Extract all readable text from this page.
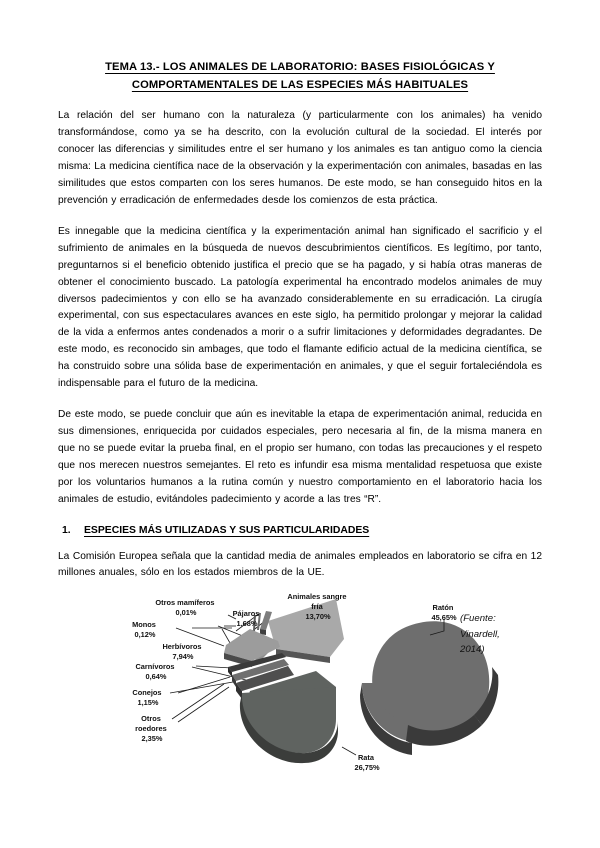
TEMA 13.- LOS ANIMALES DE LABORATORIO: BASES FISIOLÓGICAS Y
COMPORTAMENTALES DE LAS ESPECIES MÁS HABITUALES

La relación del ser humano con la naturaleza (y particularmente con los animales) ha venido transformándose, como ya se ha descrito, con la evolución cultural de la sociedad. El interés por conocer las diferencias y similitudes entre el ser humano y los animales es tan antiguo como la ciencia misma: La medicina científica nace de la observación y la experimentación con animales, basadas en las similitudes que estos comparten con los seres humanos. De este modo, se han conseguido hitos en la prevención y erradicación de enfermedades desde los comienzos de esta práctica.

Es innegable que la medicina científica y la experimentación animal han significado el sacrificio y el sufrimiento de animales en la búsqueda de nuevos descubrimientos científicos. Es legítimo, por tanto, preguntarnos si el beneficio obtenido justifica el precio que se ha pagado, y si había otras maneras de obtener el conocimiento buscado. La patología experimental ha encontrado modelos animales de muy diversos padecimientos y con ello se ha avanzado considerablemente en su erradicación. La cirugía experimental, con sus espectaculares avances en este siglo, ha permitido prolongar y mejorar la calidad de la vida a enfermos antes condenados a morir o a sufrir limitaciones y deformidades degradantes. De este modo, es reconocido sin ambages, que todo el flamante edificio actual de la medicina científica, se ha construido sobre una sólida base de experimentación en animales, y que el seguir fortaleciéndola es indispensable para el futuro de la medicina.

De este modo, se puede concluir que aún es inevitable la etapa de experimentación animal, reducida en sus dimensiones, enriquecida por cuidados especiales, pero necesaria al fin, de la misma manera en que no se puede evitar la prueba final, en el propio ser humano, con todas las precauciones y el respeto que nos merecen nuestros semejantes. El reto es infundir esa misma mentalidad respetuosa que existe por los voluntarios humanos a la rutina común y nuestro comportamiento en el laboratorio hacia los animales de estudio, evitándoles padecimiento y acorde a las tres “R”.

1. ESPECIES MÁS UTILIZADAS Y SUS PARTICULARIDADES

La Comisión Europea señala que la cantidad media de animales empleados en laboratorio se cifra en 12 millones anuales, sólo en los estados miembros de la UE.

Otros mamíferos 0,01%	Pájaros 1,68%
Animales sangre fría 13,70%
Monos 0,12%
Herbívoros 7,94%
Carnívoros 0,64%
Conejos 1,15%
Otros roedores 2,35%
Ratón 45,65%
Rata 26,75%
(Fuente:
Vinardell,
2014)
